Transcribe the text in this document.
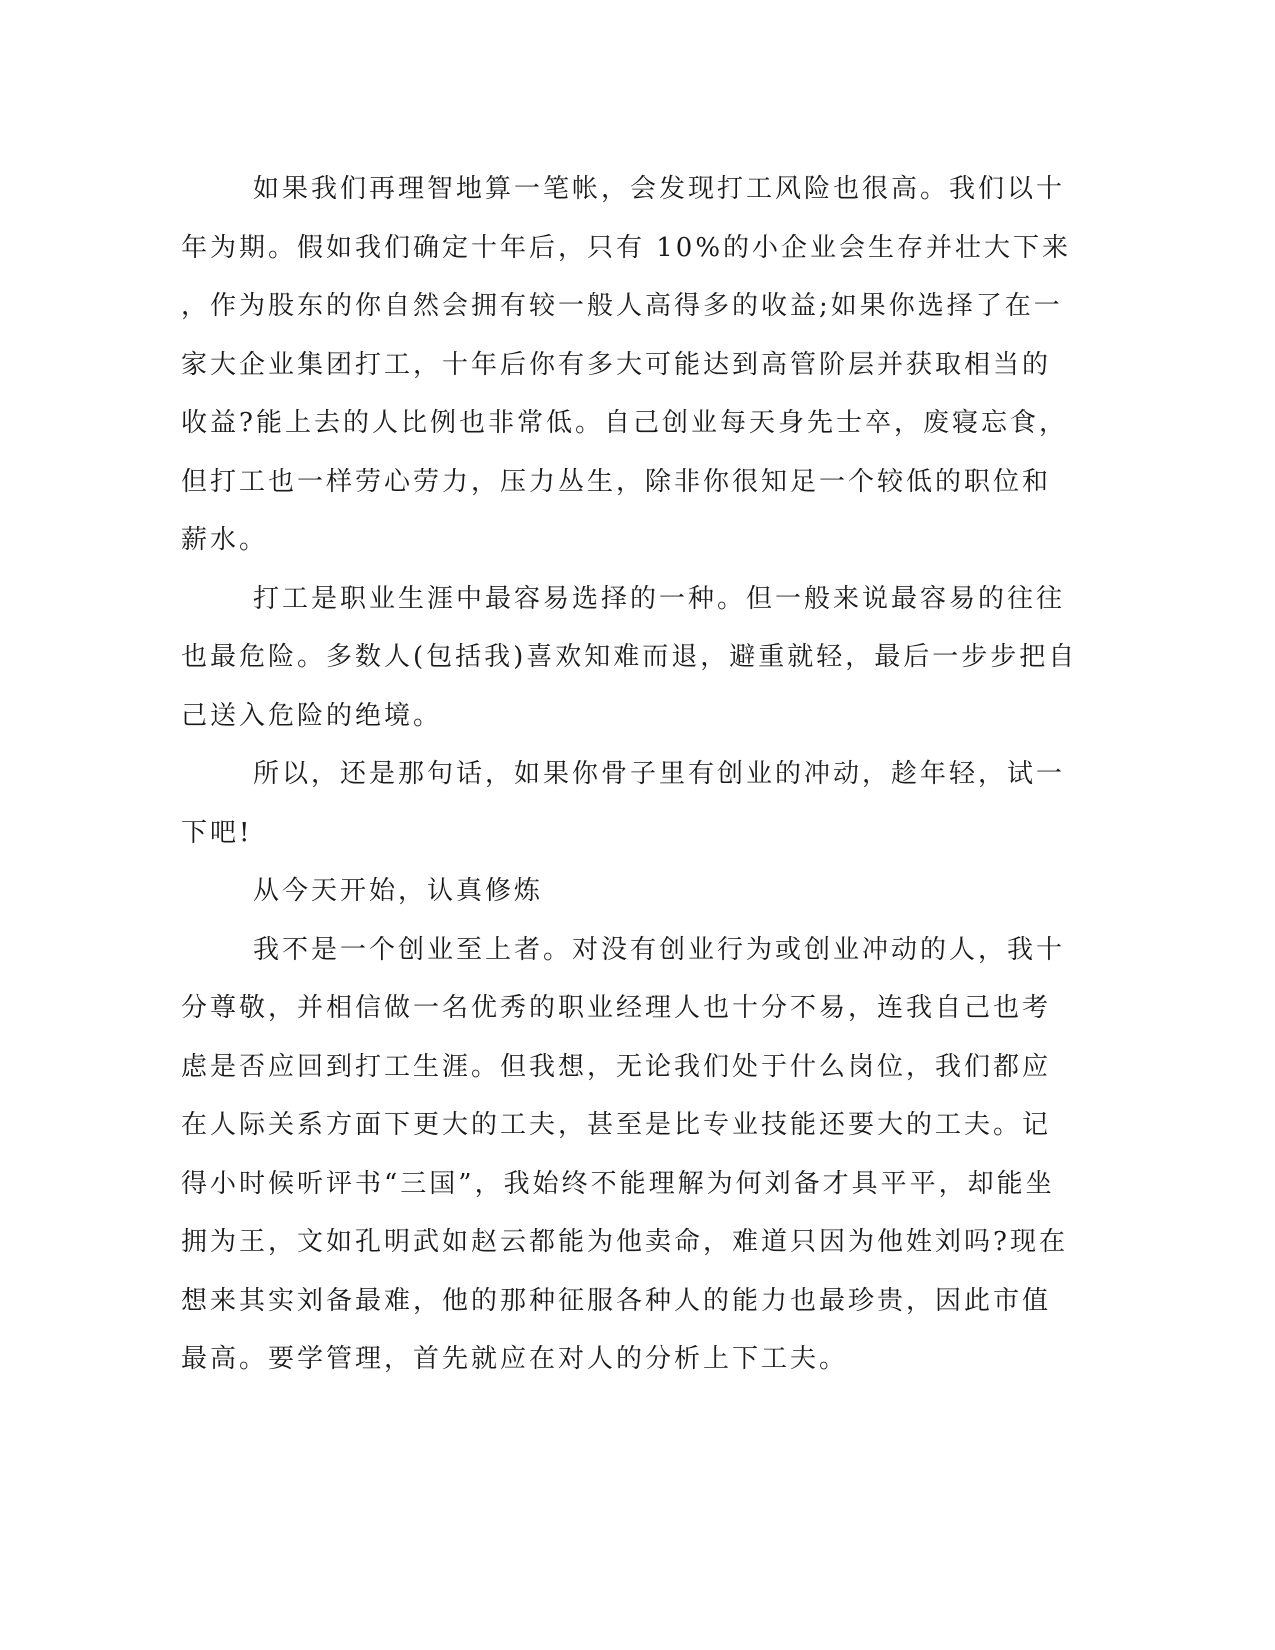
如果我们再理智地算一笔帐，会发现打工风险也很高。我们以十
年为期。假如我们确定十年后，只有 10%的小企业会生存并壮大下来
，作为股东的你自然会拥有较一般人高得多的收益;如果你选择了在一
家大企业集团打工，十年后你有多大可能达到高管阶层并获取相当的
收益?能上去的人比例也非常低。自己创业每天身先士卒，废寝忘食，
但打工也一样劳心劳力，压力丛生，除非你很知足一个较低的职位和
薪水。
打工是职业生涯中最容易选择的一种。但一般来说最容易的往往
也最危险。多数人(包括我)喜欢知难而退，避重就轻，最后一步步把自
己送入危险的绝境。
所以，还是那句话，如果你骨子里有创业的冲动，趁年轻，试一
下吧!
从今天开始，认真修炼
我不是一个创业至上者。对没有创业行为或创业冲动的人，我十
分尊敬，并相信做一名优秀的职业经理人也十分不易，连我自己也考
虑是否应回到打工生涯。但我想，无论我们处于什么岗位，我们都应
在人际关系方面下更大的工夫，甚至是比专业技能还要大的工夫。记
得小时候听评书“三国”，我始终不能理解为何刘备才具平平，却能坐
拥为王，文如孔明武如赵云都能为他卖命，难道只因为他姓刘吗?现在
想来其实刘备最难，他的那种征服各种人的能力也最珍贵，因此市值
最高。要学管理，首先就应在对人的分析上下工夫。
